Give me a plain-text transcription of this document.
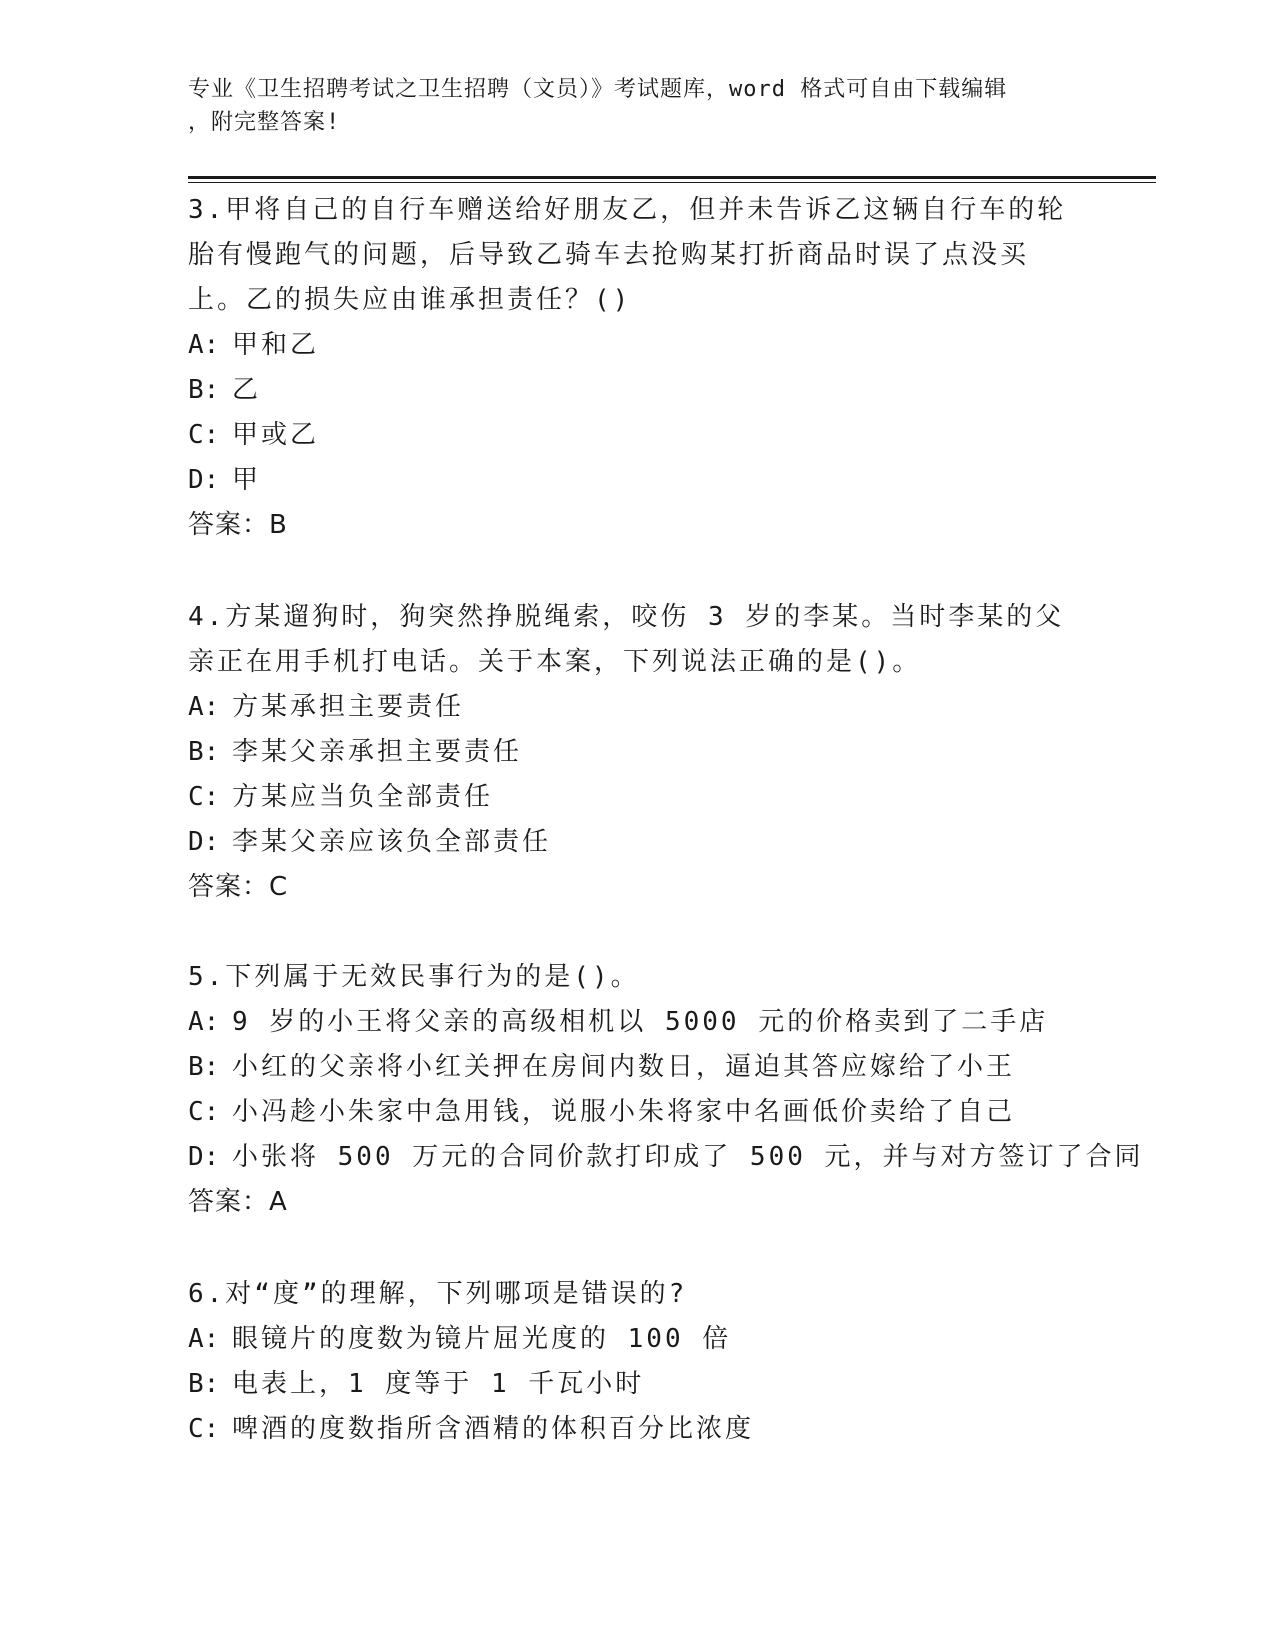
专业《卫生招聘考试之卫生招聘（文员）》考试题库，word 格式可自由下载编辑
，附完整答案!

3.甲将自己的自行车赠送给好朋友乙，但并未告诉乙这辆自行车的轮胎有慢跑气的问题，后导致乙骑车去抢购某打折商品时误了点没买上。乙的损失应由谁承担责任？()

A: 甲和乙

B: 乙

C: 甲或乙

D: 甲

答案：B

4.方某遛狗时，狗突然挣脱绳索，咬伤 3 岁的李某。当时李某的父亲正在用手机打电话。关于本案，下列说法正确的是()。

A: 方某承担主要责任

B: 李某父亲承担主要责任

C: 方某应当负全部责任

D: 李某父亲应该负全部责任

答案：C

5.下列属于无效民事行为的是()。

A: 9 岁的小王将父亲的高级相机以 5000 元的价格卖到了二手店

B: 小红的父亲将小红关押在房间内数日，逼迫其答应嫁给了小王

C: 小冯趁小朱家中急用钱，说服小朱将家中名画低价卖给了自己

D: 小张将 500 万元的合同价款打印成了 500 元，并与对方签订了合同

答案：A

6.对“度”的理解，下列哪项是错误的?

A: 眼镜片的度数为镜片屈光度的 100 倍

B: 电表上，1 度等于 1 千瓦小时

C: 啤酒的度数指所含酒精的体积百分比浓度
